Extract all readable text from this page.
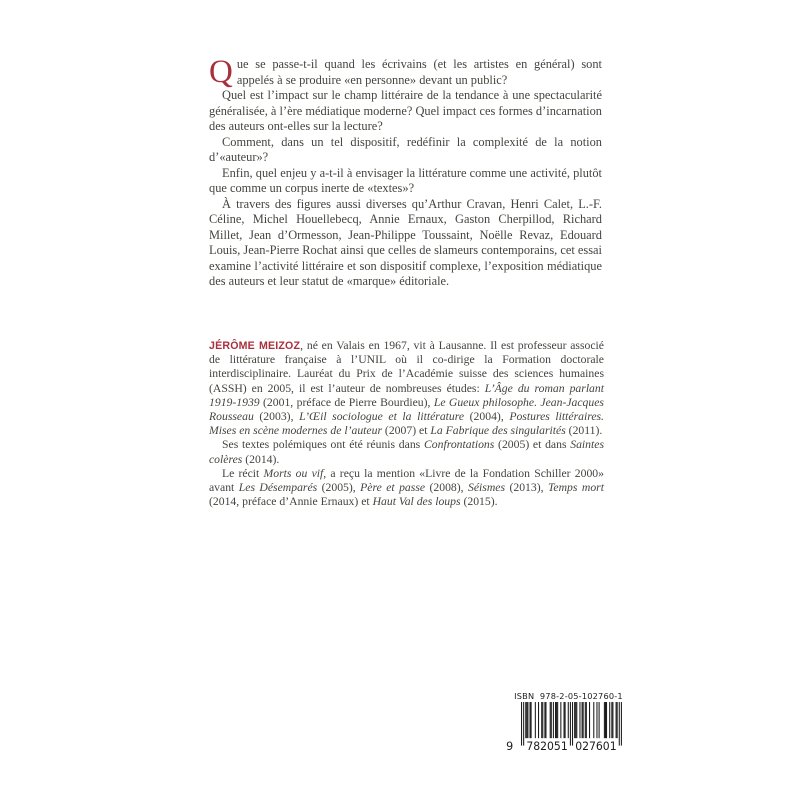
Que se passe-t-il quand les écrivains (et les artistes en général) sont appelés à se produire «en personne» devant un public?

Quel est l’impact sur le champ littéraire de la tendance à une spectacularité généralisée, à l’ère médiatique moderne? Quel impact ces formes d’incarnation des auteurs ont-elles sur la lecture?

Comment, dans un tel dispositif, redéfinir la complexité de la notion d’«auteur»?

Enfin, quel enjeu y a-t-il à envisager la littérature comme une activité, plutôt que comme un corpus inerte de «textes»?

À travers des figures aussi diverses qu’Arthur Cravan, Henri Calet, L.-F. Céline, Michel Houellebecq, Annie Ernaux, Gaston Cherpillod, Richard Millet, Jean d’Ormesson, Jean-Philippe Toussaint, Noëlle Revaz, Edouard Louis, Jean-Pierre Rochat ainsi que celles de slameurs contemporains, cet essai examine l’activité littéraire et son dispositif complexe, l’exposition médiatique des auteurs et leur statut de «marque» éditoriale.

JÉRÔME MEIZOZ, né en Valais en 1967, vit à Lausanne. Il est professeur associé de littérature française à l’UNIL où il co-dirige la Formation doctorale interdisciplinaire. Lauréat du Prix de l’Académie suisse des sciences humaines (ASSH) en 2005, il est l’auteur de nombreuses études: L’Âge du roman parlant 1919-1939 (2001, préface de Pierre Bourdieu), Le Gueux philosophe. Jean-Jacques Rousseau (2003), L’Œil sociologue et la littérature (2004), Postures littéraires. Mises en scène modernes de l’auteur (2007) et La Fabrique des singularités (2011).

Ses textes polémiques ont été réunis dans Confrontations (2005) et dans Saintes colères (2014).

Le récit Morts ou vif, a reçu la mention «Livre de la Fondation Schiller 2000» avant Les Désemparés (2005), Père et passe (2008), Séismes (2013), Temps mort (2014, préface d’Annie Ernaux) et Haut Val des loups (2015).

ISBN  978-2-05-102760-1
9 782051 027601
